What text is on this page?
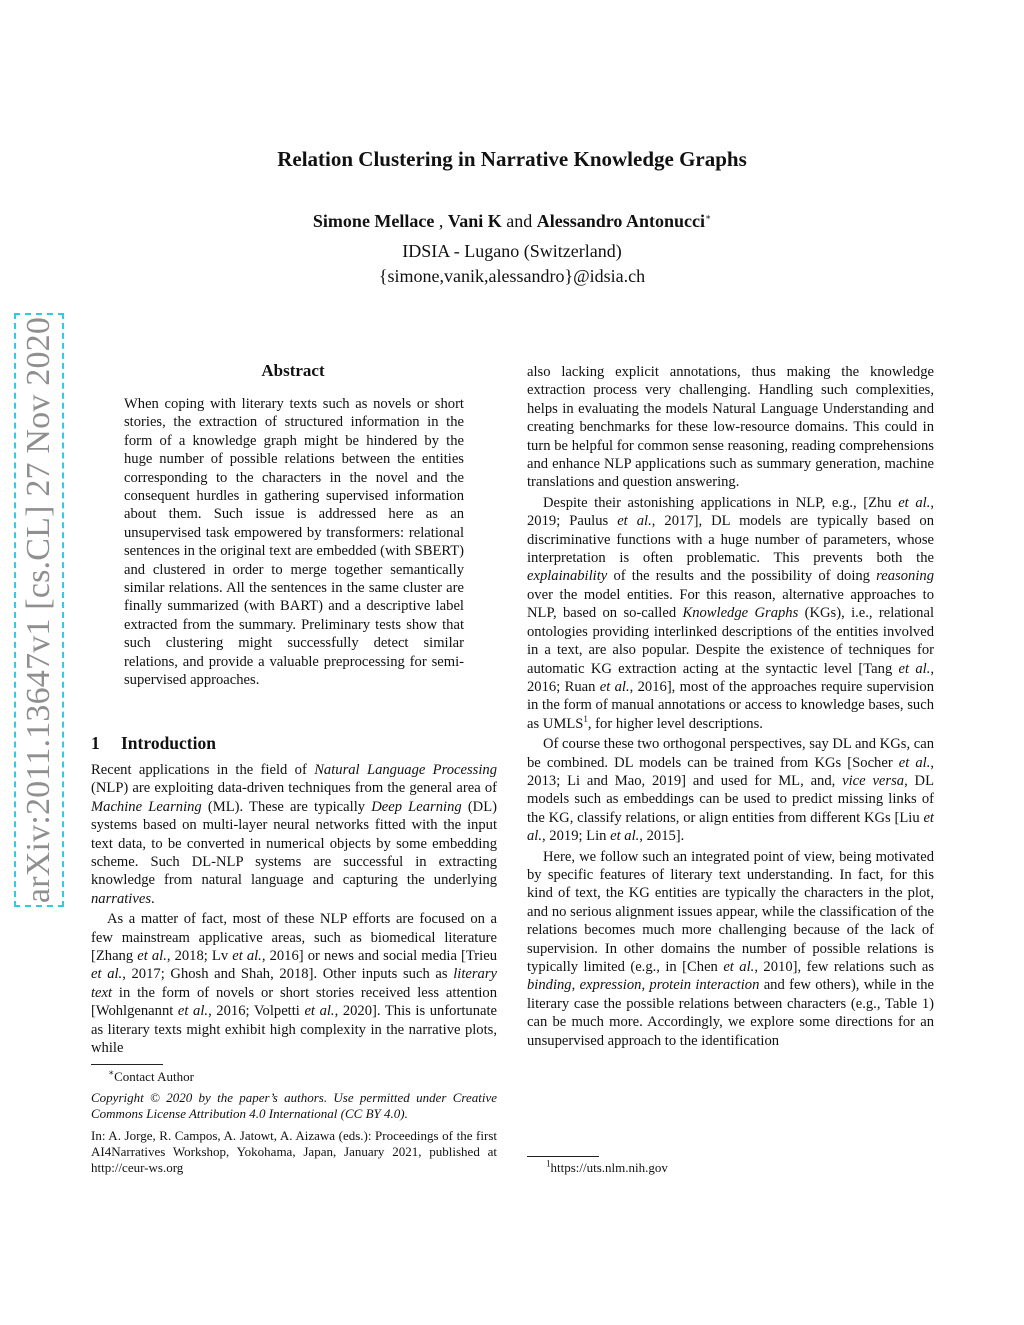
Relation Clustering in Narrative Knowledge Graphs
Simone Mellace , Vani K and Alessandro Antonucci∗
IDSIA - Lugano (Switzerland)
{simone,vanik,alessandro}@idsia.ch
arXiv:2011.13647v1 [cs.CL] 27 Nov 2020	Abstract
When coping with literary texts such as novels or short stories, the extraction of structured information in the form of a knowledge graph might be hindered by the huge number of possible relations between the entities corresponding to the characters in the novel and the consequent hurdles in gathering supervised information about them. Such issue is addressed here as an unsupervised task empowered by transformers: relational sentences in the original text are embedded (with SBERT) and clustered in order to merge together semantically similar relations. All the sentences in the same cluster are finally summarized (with BART) and a descriptive label extracted from the summary. Preliminary tests show that such clustering might successfully detect similar relations, and provide a valuable preprocessing for semi-supervised approaches.
1 Introduction

Recent applications in the field of Natural Language Processing (NLP) are exploiting data-driven techniques from the general area of Machine Learning (ML). These are typically Deep Learning (DL) systems based on multi-layer neural networks fitted with the input text data, to be converted in numerical objects by some embedding scheme. Such DL-NLP systems are successful in extracting knowledge from natural language and capturing the underlying narratives.

As a matter of fact, most of these NLP efforts are focused on a few mainstream applicative areas, such as biomedical literature [Zhang et al., 2018; Lv et al., 2016] or news and social media [Trieu et al., 2017; Ghosh and Shah, 2018]. Other inputs such as literary text in the form of novels or short stories received less attention [Wohlgenannt et al., 2016; Volpetti et al., 2020]. This is unfortunate as literary texts might exhibit high complexity in the narrative plots, while

also lacking explicit annotations, thus making the knowledge extraction process very challenging. Handling such complexities, helps in evaluating the models Natural Language Understanding and creating benchmarks for these low-resource domains. This could in turn be helpful for common sense reasoning, reading comprehensions and enhance NLP applications such as summary generation, machine translations and question answering.

Despite their astonishing applications in NLP, e.g., [Zhu et al., 2019; Paulus et al., 2017], DL models are typically based on discriminative functions with a huge number of parameters, whose interpretation is often problematic. This prevents both the explainability of the results and the possibility of doing reasoning over the model entities. For this reason, alternative approaches to NLP, based on so-called Knowledge Graphs (KGs), i.e., relational ontologies providing interlinked descriptions of the entities involved in a text, are also popular. Despite the existence of techniques for automatic KG extraction acting at the syntactic level [Tang et al., 2016; Ruan et al., 2016], most of the approaches require supervision in the form of manual annotations or access to knowledge bases, such as UMLS$^1$, for higher level descriptions.

Of course these two orthogonal perspectives, say DL and KGs, can be combined. DL models can be trained from KGs [Socher et al., 2013; Li and Mao, 2019] and used for ML, and, vice versa, DL models such as embeddings can be used to predict missing links of the KG, classify relations, or align entities from different KGs [Liu et al., 2019; Lin et al., 2015].

Here, we follow such an integrated point of view, being motivated by specific features of literary text understanding. In fact, for this kind of text, the KG entities are typically the characters in the plot, and no serious alignment issues appear, while the classification of the relations becomes much more challenging because of the lack of supervision. In other domains the number of possible relations is typically limited (e.g., in [Chen et al., 2010], few relations such as binding, expression, protein interaction and few others), while in the literary case the possible relations between characters (e.g., Table 1) can be much more. Accordingly, we explore some directions for an unsupervised approach to the identification

∗Contact Author
Copyright © 2020 by the paper’s authors. Use permitted under Creative Commons License Attribution 4.0 International (CC BY 4.0).
In: A. Jorge, R. Campos, A. Jatowt, A. Aizawa (eds.): Proceedings of the first AI4Narratives Workshop, Yokohama, Japan, January 2021, published at http://ceur-ws.org	$^1$https://uts.nlm.nih.gov
